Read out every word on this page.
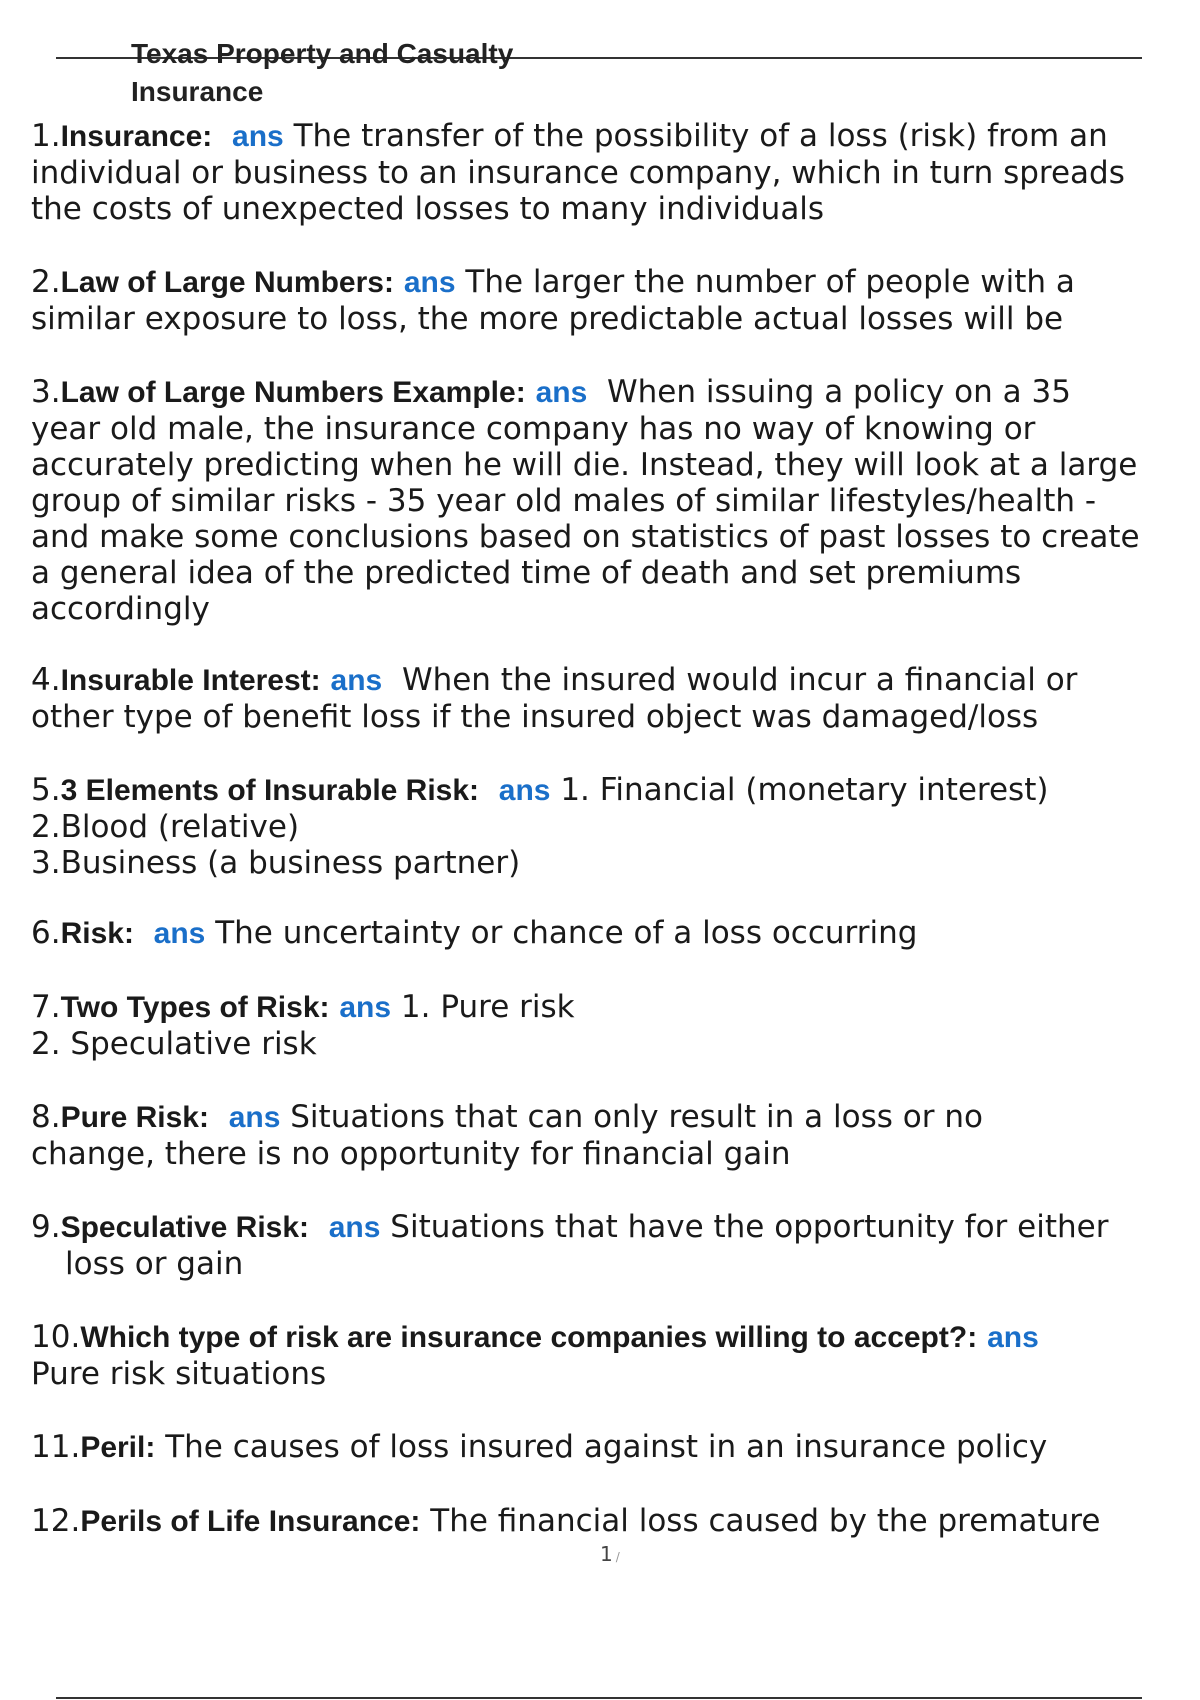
Texas Property and Casualty
Insurance
1.Insurance: ans The transfer of the possibility of a loss (risk) from an
individual or business to an insurance company, which in turn spreads
the costs of unexpected losses to many individuals
2.Law of Large Numbers: ans The larger the number of people with a
similar exposure to loss, the more predictable actual losses will be
3.Law of Large Numbers Example: ans When issuing a policy on a 35
year old male, the insurance company has no way of knowing or
accurately predicting when he will die. Instead, they will look at a large
group of similar risks - 35 year old males of similar lifestyles/health -
and make some conclusions based on statistics of past losses to create
a general idea of the predicted time of death and set premiums
accordingly
4.Insurable Interest: ans When the insured would incur a financial or
other type of benefit loss if the insured object was damaged/loss
5.3 Elements of Insurable Risk: ans 1. Financial (monetary interest)
2.Blood (relative)
3.Business (a business partner)
6.Risk: ans The uncertainty or chance of a loss occurring
7.Two Types of Risk: ans 1. Pure risk
2. Speculative risk
8.Pure Risk: ans Situations that can only result in a loss or no
change, there is no opportunity for financial gain
9.Speculative Risk: ans Situations that have the opportunity for either
loss or gain
10.Which type of risk are insurance companies willing to accept?: ans
Pure risk situations
11.Peril: The causes of loss insured against in an insurance policy
12.Perils of Life Insurance: The financial loss caused by the premature
1 /
